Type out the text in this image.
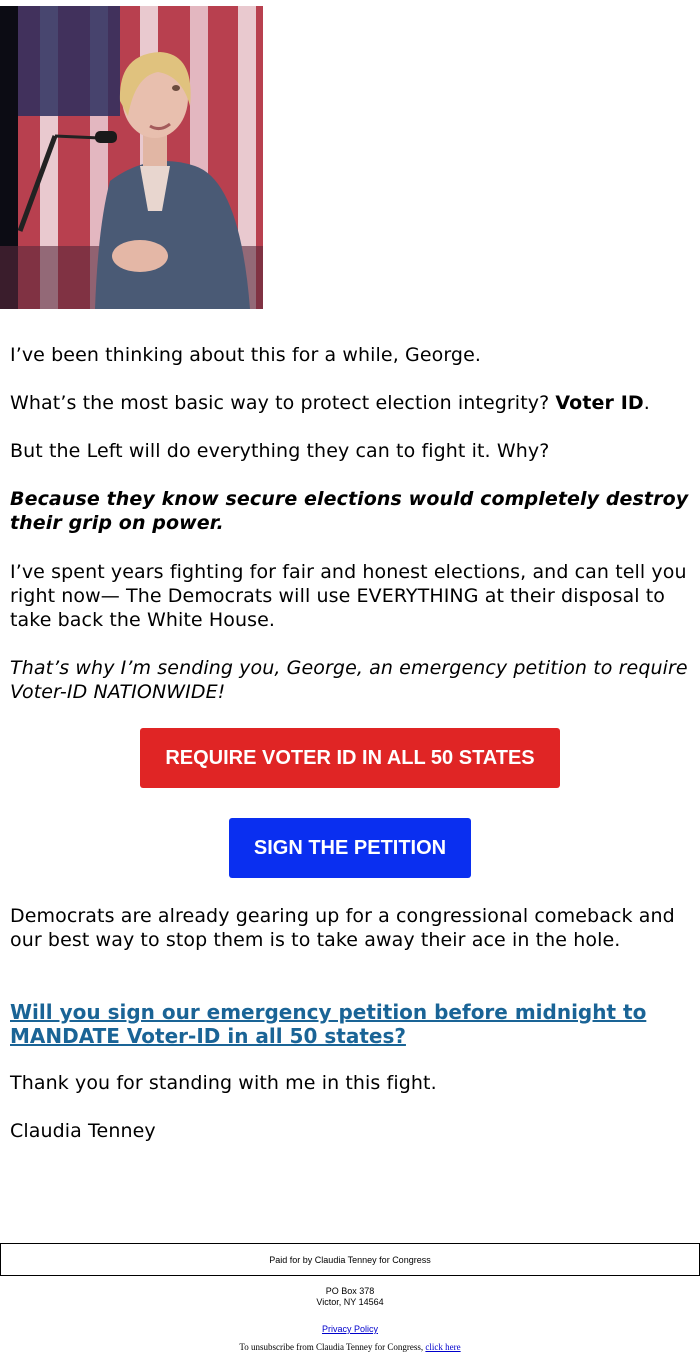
I’ve been thinking about this for a while, George.

What’s the most basic way to protect election integrity? Voter ID.

But the Left will do everything they can to fight it. Why?

Because they know secure elections would completely destroy their grip on power.

I’ve spent years fighting for fair and honest elections, and can tell you right now— The Democrats will use EVERYTHING at their disposal to take back the White House.

That’s why I’m sending you, George, an emergency petition to require Voter-ID NATIONWIDE!

REQUIRE VOTER ID IN ALL 50 STATES
SIGN THE PETITION

Democrats are already gearing up for a congressional comeback and our best way to stop them is to take away their ace in the hole.

Will you sign our emergency petition before midnight to MANDATE Voter-ID in all 50 states?

Thank you for standing with me in this fight.

Claudia Tenney

Paid for by Claudia Tenney for Congress
PO Box 378
Victor, NY 14564
Privacy Policy
To unsubscribe from Claudia Tenney for Congress, click here
